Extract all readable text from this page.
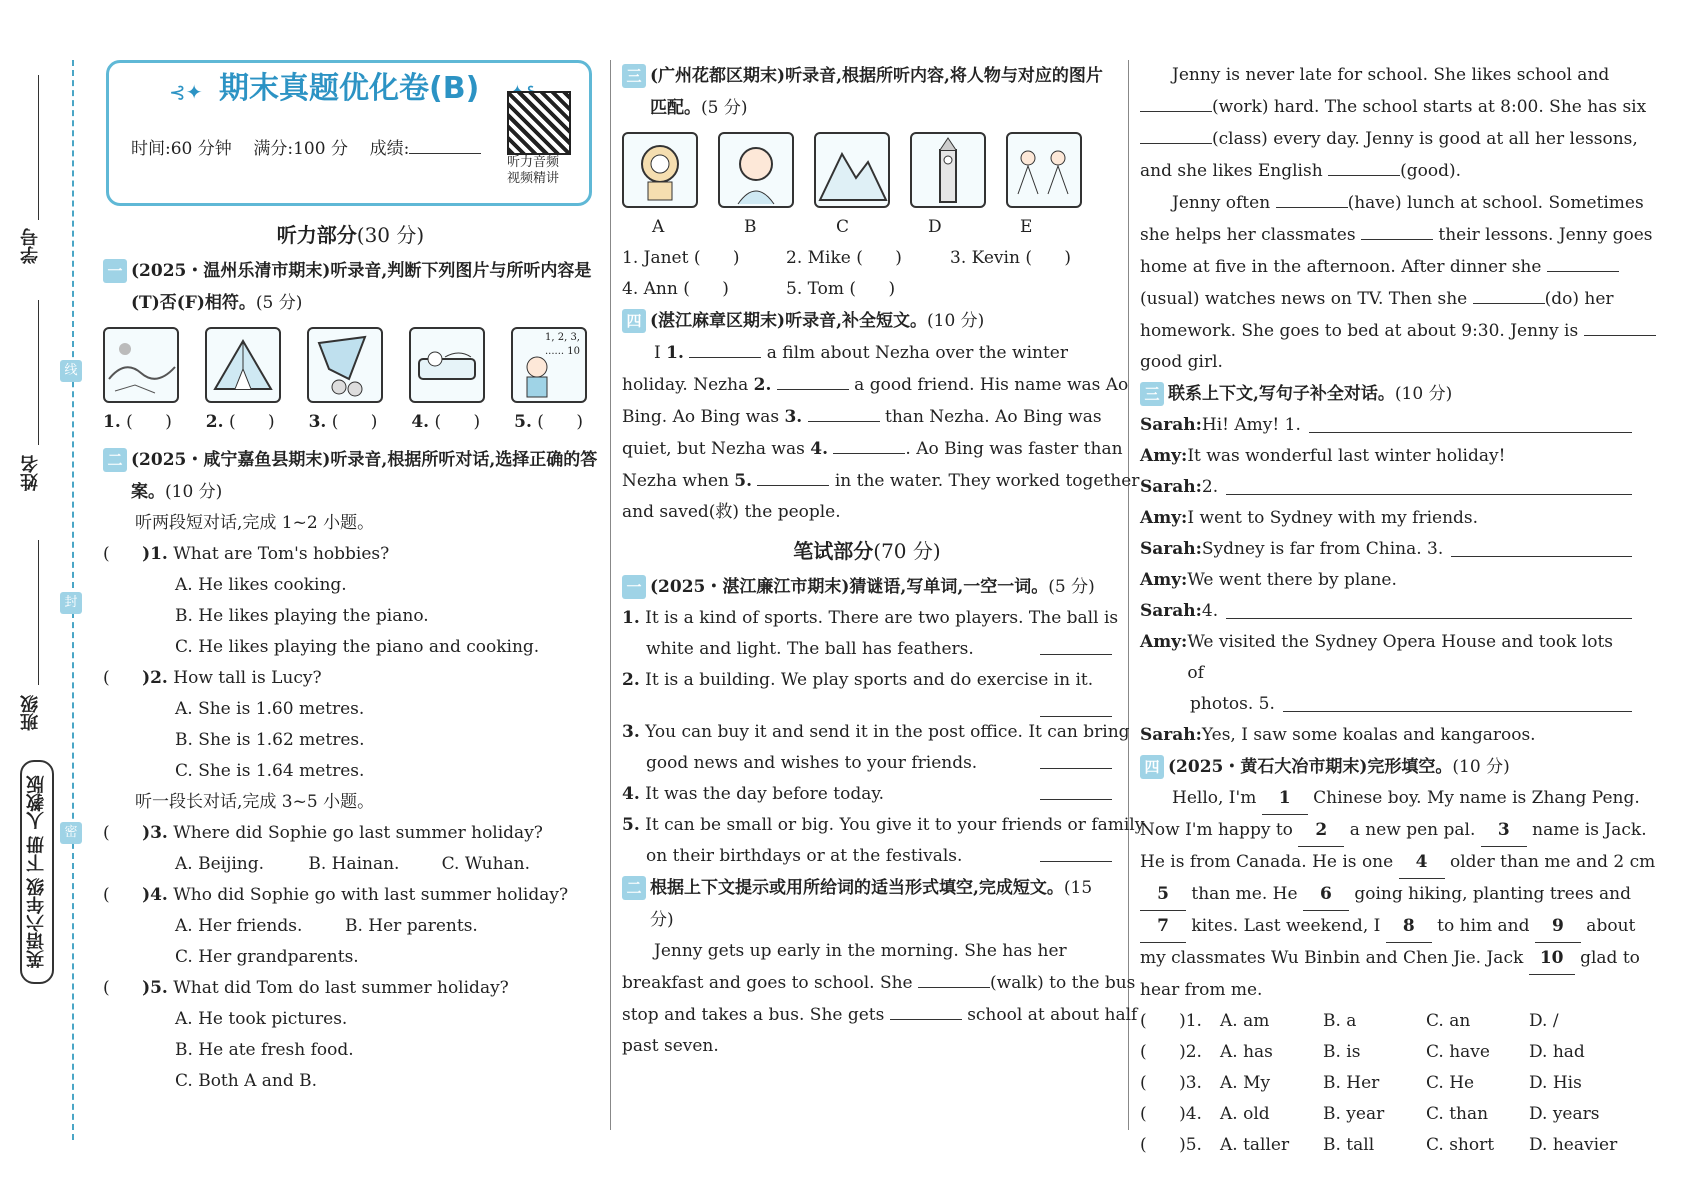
学号
姓名
班级
线
封
密
英语六年级 下册 人教版
⊰✦ 期末真题优化卷(B)
时间:60 分钟 满分:100 分 成绩:
听力音频
视频精讲
听力部分(30 分)
一 (2025・温州乐清市期末)听录音,判断下列图片与所听内容是(T)否(F)相符。(5 分)
1, 2, 3,
...... 10
1. (      ) 2. (      ) 3. (      ) 4. (      ) 5. (      )
二 (2025・咸宁嘉鱼县期末)听录音,根据所听对话,选择正确的答案。(10 分)
听两段短对话,完成 1~2 小题。
(      )1. What are Tom's hobbies?
A. He likes cooking.
B. He likes playing the piano.
C. He likes playing the piano and cooking.
(      )2. How tall is Lucy?
A. She is 1.60 metres.
B. She is 1.62 metres.
C. She is 1.64 metres.
听一段长对话,完成 3~5 小题。
(      )3. Where did Sophie go last summer holiday?
A. Beijing.	B. Hainan.	C. Wuhan.
(      )4. Who did Sophie go with last summer holiday?
A. Her friends.	B. Her parents.
C. Her grandparents.
(      )5. What did Tom do last summer holiday?
A. He took pictures.
B. He ate fresh food.
C. Both A and B.
三 (广州花都区期末)听录音,根据所听内容,将人物与对应的图片匹配。(5 分)
A	B	C	D	E
1. Janet (      )	2. Mike (      )	3. Kevin (      )
4. Ann (      )	5. Tom (      )
四 (湛江麻章区期末)听录音,补全短文。(10 分)
I 1.	a film about Nezha over the winter
holiday. Nezha 2.	a good friend. His name was Ao
Bing. Ao Bing was 3.	than Nezha. Ao Bing was
quiet, but Nezha was 4.	. Ao Bing was faster than
Nezha when 5.	in the water. They worked together
and saved(救) the people.
笔试部分(70 分)
一 (2025・湛江廉江市期末)猜谜语,写单词,一空一词。(5 分)
1. It is a kind of sports. There are two players. The ball is
white and light. The ball has feathers.
2. It is a building. We play sports and do exercise in it.
3. You can buy it and send it in the post office. It can bring
good news and wishes to your friends.
4. It was the day before today.
5. It can be small or big. You give it to your friends or family
on their birthdays or at the festivals.
二 根据上下文提示或用所给词的适当形式填空,完成短文。(15 分)
Jenny gets up early in the morning. She has her
breakfast and goes to school. She	(walk) to the bus
stop and takes a bus. She gets	school at about half
past seven.
Jenny is never late for school. She likes school and
(work) hard. The school starts at 8:00. She has six
(class) every day. Jenny is good at all her lessons,
and she likes English	(good).
Jenny often	(have) lunch at school. Sometimes
she helps her classmates	their lessons. Jenny goes
home at five in the afternoon. After dinner she
(usual) watches news on TV. Then she	(do) her
homework. She goes to bed at about 9:30. Jenny is
good girl.
三 联系上下文,写句子补全对话。(10 分)
Sarah: Hi! Amy! 1.
Amy: It was wonderful last winter holiday!
Sarah: 2.
Amy: I went to Sydney with my friends.
Sarah: Sydney is far from China. 3.
Amy: We went there by plane.
Sarah: 4.
Amy: We visited the Sydney Opera House and took lots of
photos. 5.
Sarah: Yes, I saw some koalas and kangaroos.
四 (2025・黄石大冶市期末)完形填空。(10 分)
Hello, I'm 1 Chinese boy. My name is Zhang Peng.
Now I'm happy to 2 a new pen pal. 3 name is Jack.
He is from Canada. He is one 4 older than me and 2 cm
5 than me. He 6 going hiking, planting trees and
7 kites. Last weekend, I 8 to him and 9 about
my classmates Wu Binbin and Chen Jie. Jack 10 glad to
hear from me.
(      )1.	A. am	B. a	C. an	D. /
(      )2.	A. has	B. is	C. have	D. had
(      )3.	A. My	B. Her	C. He	D. His
(      )4.	A. old	B. year	C. than	D. years
(      )5.	A. taller	B. tall	C. short	D. heavier
